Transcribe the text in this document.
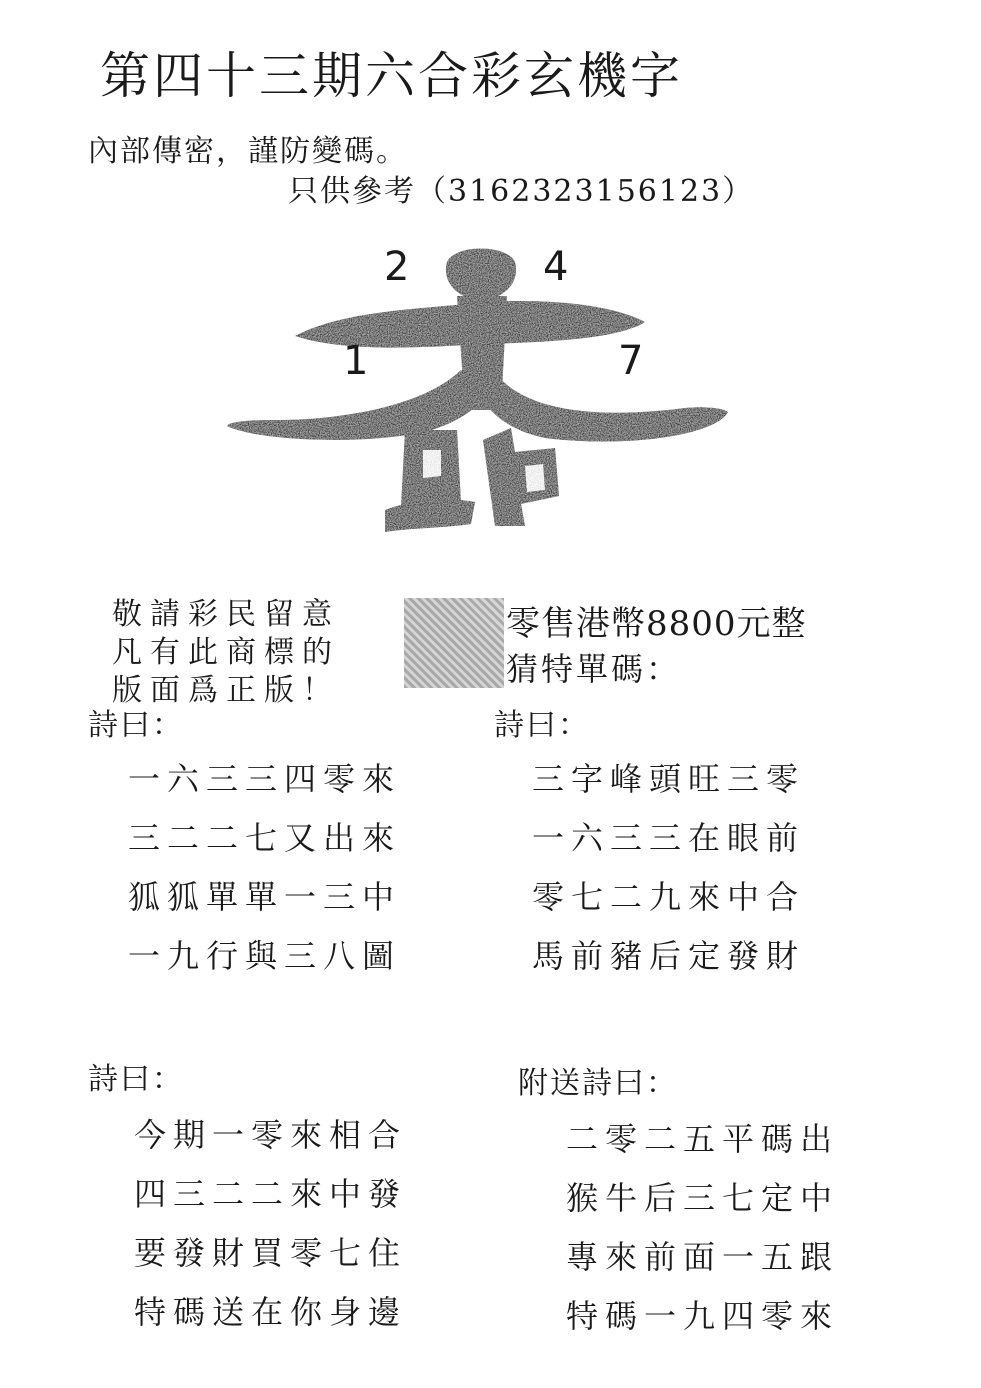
第四十三期六合彩玄機字
內部傳密，謹防變碼。
只供參考（3162323156123）
2	4
1	7
敬請彩民留意
凡有此商標的
版面爲正版！
零售港幣8800元整
猜特單碼：
詩曰：
一六三三四零來
三二二七又出來
狐狐單單一三中
一九行與三八圖
詩曰：
三字峰頭旺三零
一六三三在眼前
零七二九來中合
馬前豬后定發財
詩曰：
今期一零來相合
四三二二來中發
要發財買零七住
特碼送在你身邊
附送詩曰：
二零二五平碼出
猴牛后三七定中
專來前面一五跟
特碼一九四零來
